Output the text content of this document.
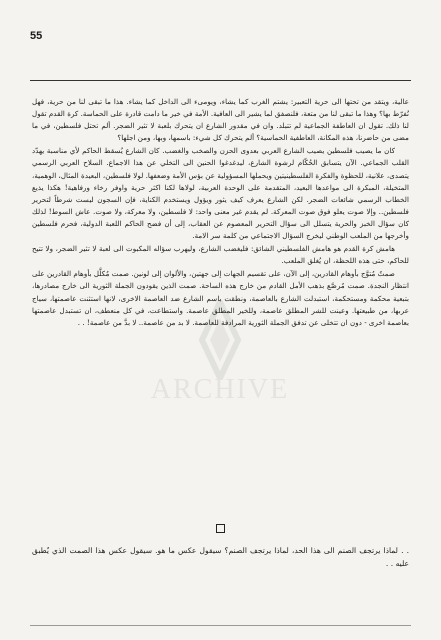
55
ARCHIVE

عالية، ويتقد من تحتها الى حرية التعبير: يشتم الغرب كما يشاء، ويومىء الى الداخل كما يشاء. هذا ما تبقى لنا من حرية، فهل نُفرّط بها؟ وهذا ما تبقى لنا من متعة، فلنصفق لما يشير الى العافية. الأمة في خير ما دامت قادرة على الحماسة. كرة القدم تقول لنا ذلك. تقول ان العاطفة الجماعية لم تتبلد. وان في مقدور الشارع ان يتحرك بلعبة لا تثير الضجر. ألم تحتل فلسطين، في ما مضى من حاضرنا، هذه المكانة، العاطفية الحماسية؟ ألم يتحرك كل شيء: باسمها، وبها، ومن اجلها؟

كان ما يصيب فلسطين يصيب الشارع العربي بعدوى الحزن والصخب والغضب. كان الشارع يُسقط الحاكم لأي مناسبة يهدّد القلب الجماعي. الآن يتسابق الحُكّام لرشوة الشارع، ليدغدغوا الحنين الى التخلي عن هذا الاجماع. السلاح العربي الرسمي يتصدى، علانية، للحظوة والفكرة الفلسطينيتين ويحملها المسؤولية عن بؤس الأمة وضعفها. لولا فلسطين، البعيدة المثال، الوهمية، المتخيلة، المبكرة الى مواعدها البعيد، المتقدمة على الوحدة العربية، لولاها لكنا اكثر حرية واوفر رخاء ورفاهية! هكذا يذيع الخطاب الرسمي شائعات الضجر. لكن الشارع يعرف كيف يثور ويؤول ويستخدم الكناية، فإن السجون ليست شرطاً لتحرير فلسطين.. وإلا صوت يعلو فوق صوت المعركة. لم يقدم غير معنى واحد: لا فلسطين، ولا معركة، ولا صوت. عاش السوط! لذلك كان سؤال الخبز والحرية يتسلل الى سؤال التحرير المعصوم عن العقاب، إلى أن فضح الحاكم اللعبة الدولية، فحرم فلسطين وأخرجها من الملعب الوطني ليخرج السؤال الاجتماعي من كلمة سر الامة.

هامش كرة القدم هو هامش الفلسطيني الشائق: فليغضب الشارع، وليهرب سؤاله المكبوت الى لعبة لا تثير الضجر، ولا تتيح للحاكم، حتى هذه اللحظة، ان يُغلق الملعب.

صمتٌ مُتوَّج بأوهام القادرين، إلى الآن، على تقسيم الجهات إلى جهتين، والألوان إلى لونين. صمت مُكلَّل بأوهام القادرين على انتظار النجدة. صمت مُرصَّع بذهب الأمل القادم من خارج هذه الساحة. صمت الذين يقودون الجملة الثورية الى خارج مصادرها، بتبعية محكمة ومستحكمة، استبدلت الشارع بالعاصمة، ونطقت باسم الشارع ضد العاصمة الاخرى، لانها استثنت عاصمتها، سياج عربها، من طبيعتها. وعينت للشر المطلق عاصمة، وللخير المطلق عاصمة. واستطاعت، في كل منعطف، ان تستبدل عاصمتها بعاصمة اخرى - دون ان تتخلى عن تدفق الجملة الثورية المرادفة للعاصمة. لا بد من عاصمة.. لا بدَّ من عاصمة! . .

. . لماذا يرتجف الصنم الى هذا الحد، لماذا يرتجف الصنم؟ سيقول عكس ما هو. سيقول عكس هذا الصمت الذي يُطبق عليه . .
